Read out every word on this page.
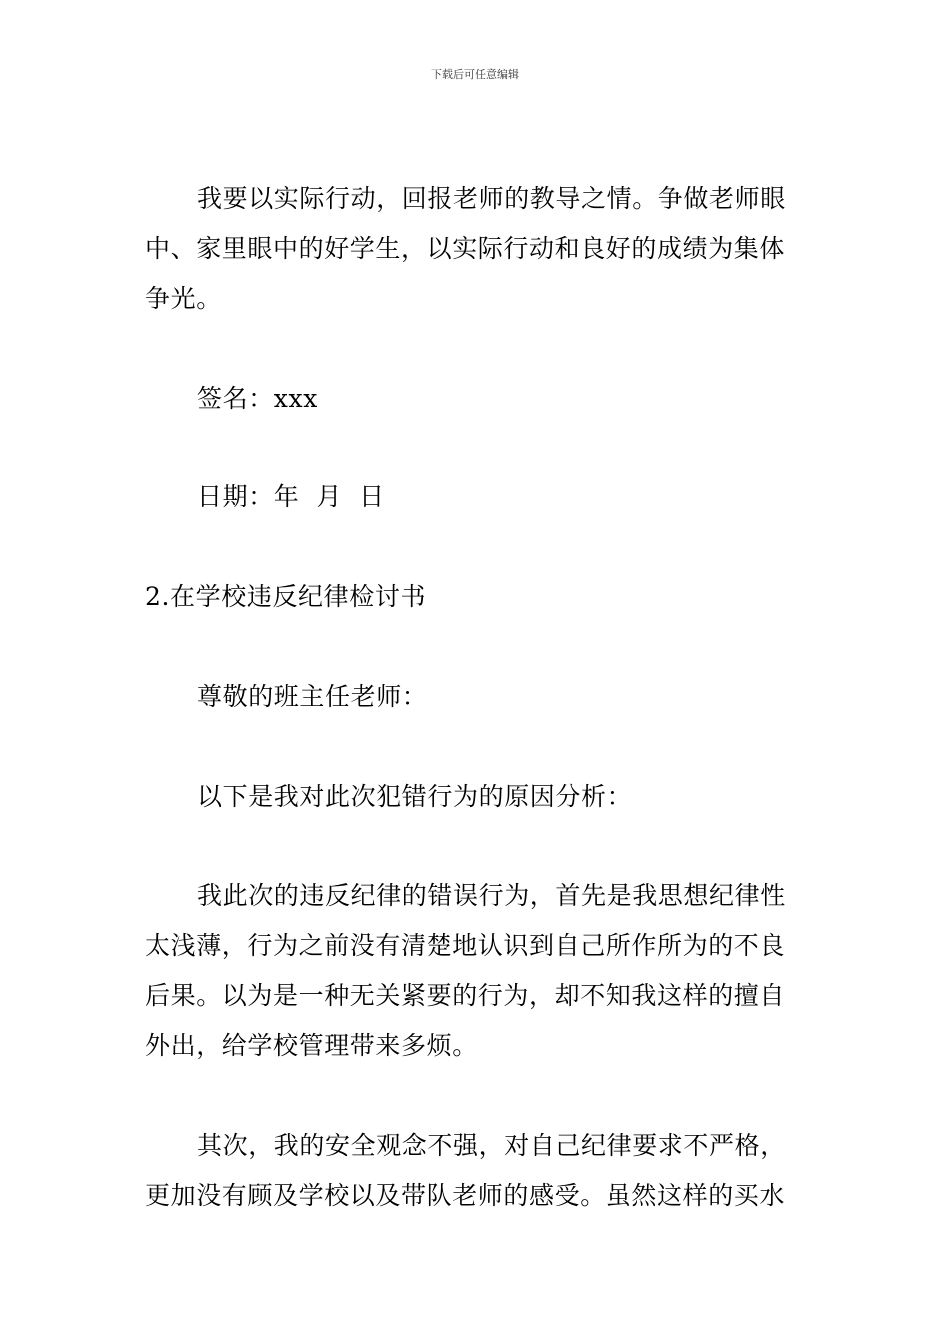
下载后可任意编辑
我要以实际行动，回报老师的教导之情。争做老师眼
中、家里眼中的好学生，以实际行动和良好的成绩为集体
争光。
签名：xxx
日期：年  月  日
2.在学校违反纪律检讨书
尊敬的班主任老师：
以下是我对此次犯错行为的原因分析：
我此次的违反纪律的错误行为，首先是我思想纪律性
太浅薄，行为之前没有清楚地认识到自己所作所为的不良
后果。以为是一种无关紧要的行为，却不知我这样的擅自
外出，给学校管理带来多烦。
其次，我的安全观念不强，对自己纪律要求不严格，
更加没有顾及学校以及带队老师的感受。虽然这样的买水
